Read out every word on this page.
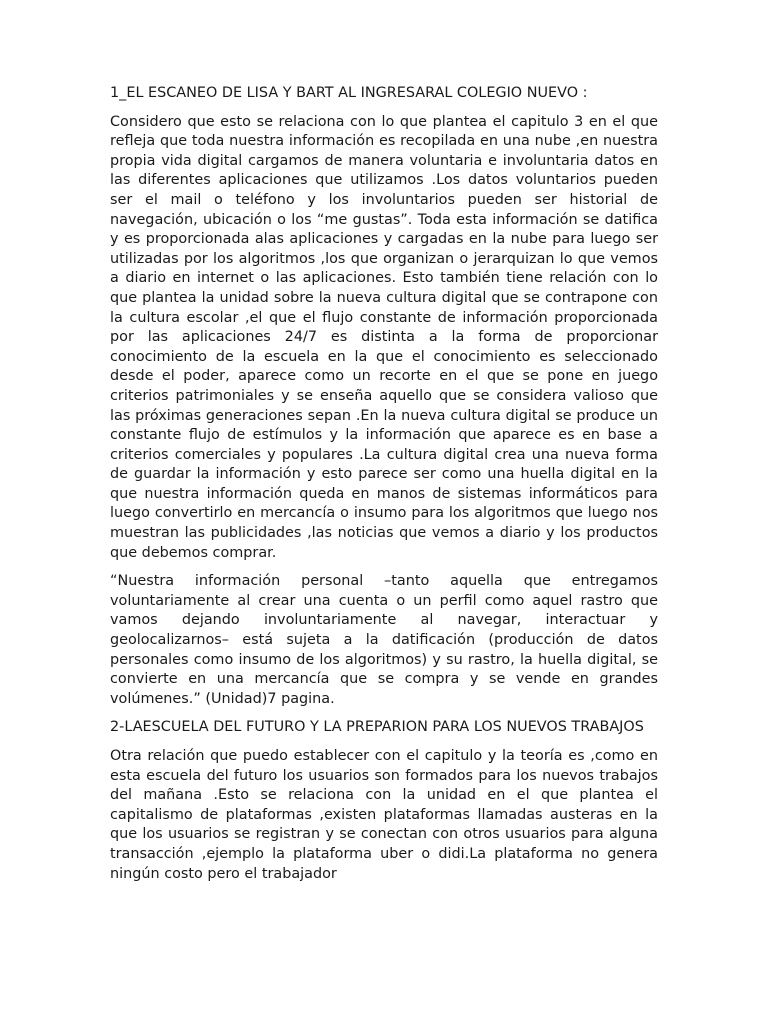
1_EL ESCANEO DE LISA Y BART AL INGRESARAL COLEGIO NUEVO :

Considero que esto se relaciona con lo que plantea el capitulo 3 en el que refleja que toda nuestra información es recopilada en una nube ,en nuestra propia vida digital cargamos de manera voluntaria e involuntaria datos en las diferentes aplicaciones que utilizamos .Los datos voluntarios pueden ser el mail o teléfono y los involuntarios pueden ser historial de navegación, ubicación o los “me gustas”. Toda esta información se datifica y es proporcionada alas aplicaciones y cargadas en la nube para luego ser utilizadas por los algoritmos ,los que organizan o jerarquizan lo que vemos a diario en internet o las aplicaciones. Esto también tiene relación con lo que plantea la unidad sobre la nueva cultura digital que se contrapone con la cultura escolar ,el que el flujo constante de información proporcionada por las aplicaciones 24/7 es distinta a la forma de proporcionar conocimiento de la escuela en la que el conocimiento es seleccionado desde el poder, aparece como un recorte en el que se pone en juego criterios patrimoniales y se enseña aquello que se considera valioso que las próximas generaciones sepan .En la nueva cultura digital se produce un constante flujo de estímulos y la información que aparece es en base a criterios comerciales y populares .La cultura digital crea una nueva forma de guardar la información y esto parece ser como una huella digital en la que nuestra información queda en manos de sistemas informáticos para luego convertirlo en mercancía o insumo para los algoritmos que luego nos muestran las publicidades ,las noticias que vemos a diario y los productos que debemos comprar.

“Nuestra información personal –tanto aquella que entregamos voluntariamente al crear una cuenta o un perfil como aquel rastro que vamos dejando involuntariamente al navegar, interactuar y geolocalizarnos– está sujeta a la datificación (producción de datos personales como insumo de los algoritmos) y su rastro, la huella digital, se convierte en una mercancía que se compra y se vende en grandes volúmenes.” (Unidad)7 pagina.

2-LAESCUELA DEL FUTURO Y LA PREPARION PARA LOS NUEVOS TRABAJOS

Otra relación que puedo establecer con el capitulo y la teoría es ,como en esta escuela del futuro los usuarios son formados para los nuevos trabajos del mañana .Esto se relaciona con la unidad en el que plantea el capitalismo de plataformas ,existen plataformas llamadas austeras en la que los usuarios se registran y se conectan con otros usuarios para alguna transacción ,ejemplo la plataforma uber o didi.La plataforma no genera ningún costo pero el trabajador
